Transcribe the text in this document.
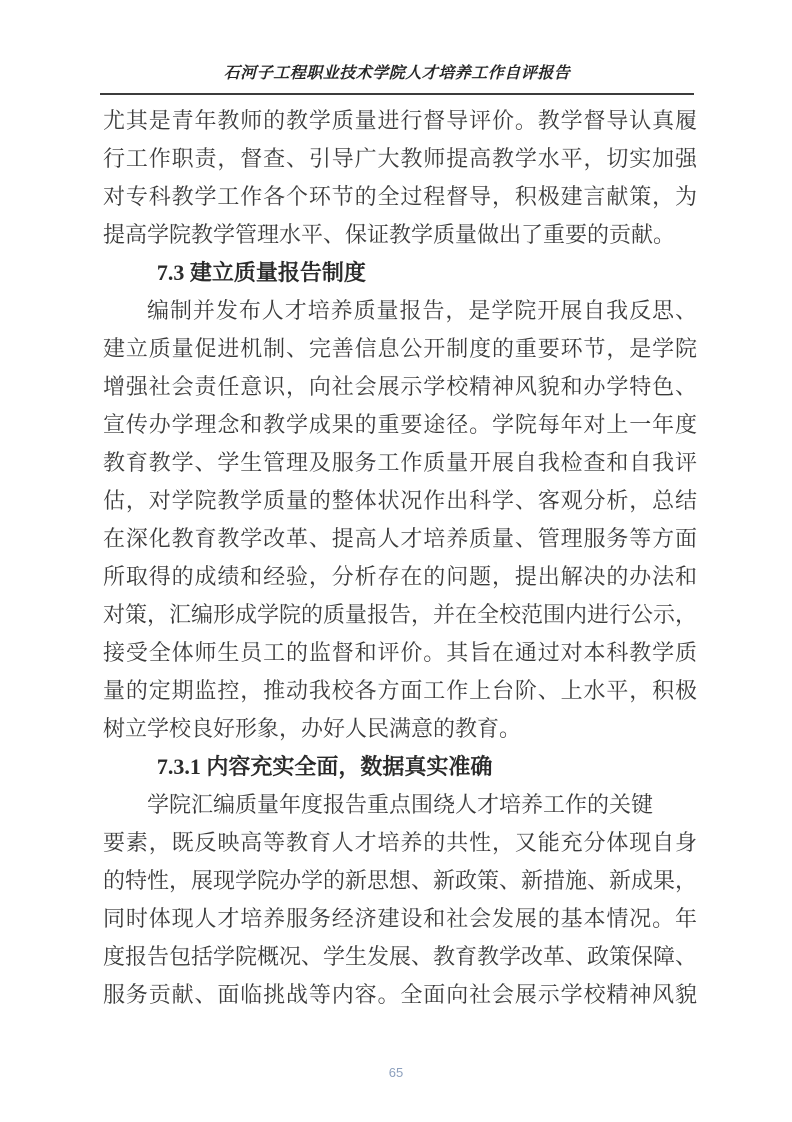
石河子工程职业技术学院人才培养工作自评报告
尤其是青年教师的教学质量进行督导评价。教学督导认真履
行工作职责，督查、引导广大教师提高教学水平，切实加强
对专科教学工作各个环节的全过程督导，积极建言献策，为
提高学院教学管理水平、保证教学质量做出了重要的贡献。
7.3 建立质量报告制度
编制并发布人才培养质量报告，是学院开展自我反思、
建立质量促进机制、完善信息公开制度的重要环节，是学院
增强社会责任意识，向社会展示学校精神风貌和办学特色、
宣传办学理念和教学成果的重要途径。学院每年对上一年度
教育教学、学生管理及服务工作质量开展自我检查和自我评
估，对学院教学质量的整体状况作出科学、客观分析，总结
在深化教育教学改革、提高人才培养质量、管理服务等方面
所取得的成绩和经验，分析存在的问题，提出解决的办法和
对策，汇编形成学院的质量报告，并在全校范围内进行公示，
接受全体师生员工的监督和评价。其旨在通过对本科教学质
量的定期监控，推动我校各方面工作上台阶、上水平，积极
树立学校良好形象，办好人民满意的教育。
7.3.1 内容充实全面，数据真实准确
学院汇编质量年度报告重点围绕人才培养工作的关键
要素，既反映高等教育人才培养的共性，又能充分体现自身
的特性，展现学院办学的新思想、新政策、新措施、新成果，
同时体现人才培养服务经济建设和社会发展的基本情况。年
度报告包括学院概况、学生发展、教育教学改革、政策保障、
服务贡献、面临挑战等内容。全面向社会展示学校精神风貌
65
